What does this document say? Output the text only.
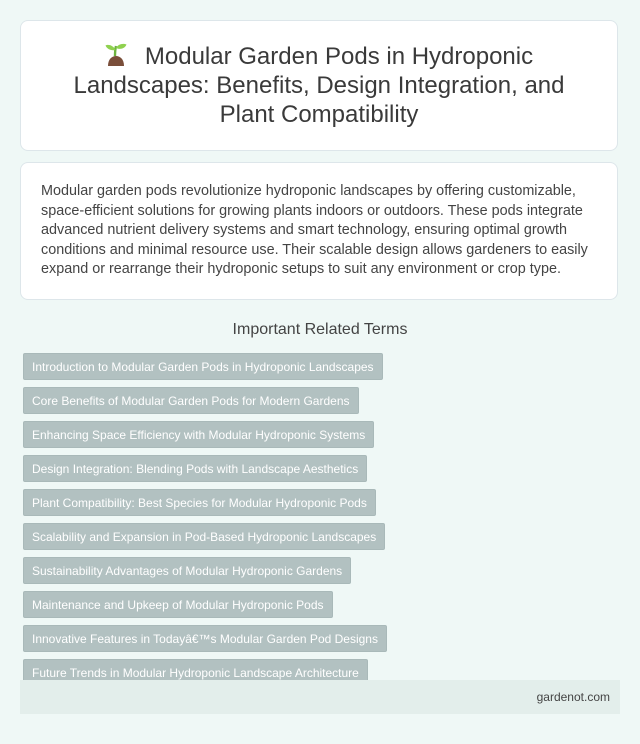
Modular Garden Pods in Hydroponic Landscapes: Benefits, Design Integration, and Plant Compatibility

Modular garden pods revolutionize hydroponic landscapes by offering customizable, space-efficient solutions for growing plants indoors or outdoors. These pods integrate advanced nutrient delivery systems and smart technology, ensuring optimal growth conditions and minimal resource use. Their scalable design allows gardeners to easily expand or rearrange their hydroponic setups to suit any environment or crop type.

Important Related Terms
Introduction to Modular Garden Pods in Hydroponic Landscapes
Core Benefits of Modular Garden Pods for Modern Gardens
Enhancing Space Efficiency with Modular Hydroponic Systems
Design Integration: Blending Pods with Landscape Aesthetics
Plant Compatibility: Best Species for Modular Hydroponic Pods
Scalability and Expansion in Pod-Based Hydroponic Landscapes
Sustainability Advantages of Modular Hydroponic Gardens
Maintenance and Upkeep of Modular Hydroponic Pods
Innovative Features in Todayâ€™s Modular Garden Pod Designs
Future Trends in Modular Hydroponic Landscape Architecture
gardenot.com
